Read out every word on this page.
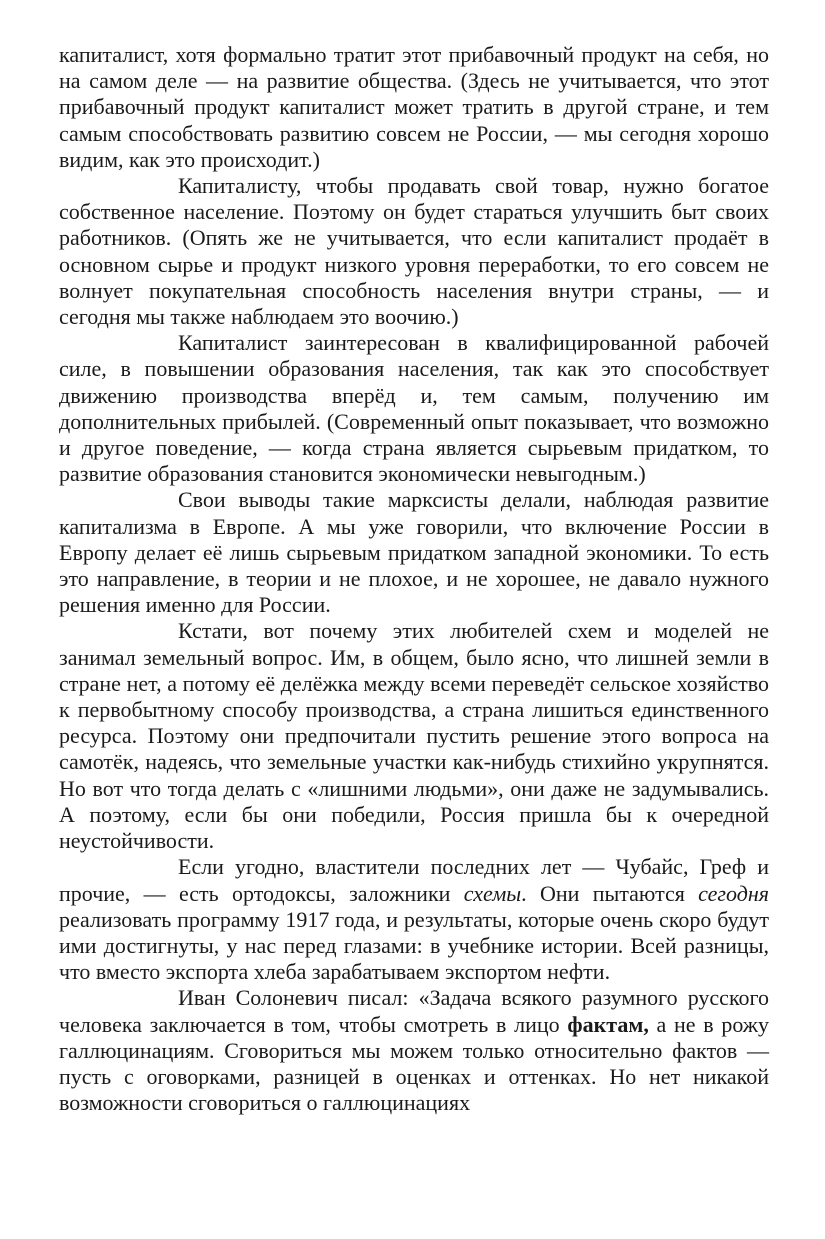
капиталист, хотя формально тратит этот прибавочный продукт на себя, но на самом деле — на развитие общества. (Здесь не учитывается, что этот прибавочный продукт капиталист может тратить в другой стране, и тем самым способствовать развитию совсем не России, — мы сегодня хорошо видим, как это происходит.)

Капиталисту, чтобы продавать свой товар, нужно богатое собственное население. Поэтому он будет стараться улучшить быт своих работников. (Опять же не учитывается, что если капиталист продаёт в основном сырье и продукт низкого уровня переработки, то его совсем не волнует покупательная способность населения внутри страны, — и сегодня мы также наблюдаем это воочию.)

Капиталист заинтересован в квалифицированной рабочей силе, в повышении образования населения, так как это способствует движению производства вперёд и, тем самым, получению им дополнительных прибылей. (Современный опыт показывает, что возможно и другое поведение, — когда страна является сырьевым придатком, то развитие образования становится экономически невыгодным.)

Свои выводы такие марксисты делали, наблюдая развитие капитализма в Европе. А мы уже говорили, что включение России в Европу делает её лишь сырьевым придатком западной экономики. То есть это направление, в теории и не плохое, и не хорошее, не давало нужного решения именно для России.

Кстати, вот почему этих любителей схем и моделей не занимал земельный вопрос. Им, в общем, было ясно, что лишней земли в стране нет, а потому её делёжка между всеми переведёт сельское хозяйство к первобытному способу производства, а страна лишиться единственного ресурса. Поэтому они предпочитали пустить решение этого вопроса на самотёк, надеясь, что земельные участки как-нибудь стихийно укрупнятся. Но вот что тогда делать с «лишними людьми», они даже не задумывались. А поэтому, если бы они победили, Россия пришла бы к очередной неустойчивости.

Если угодно, властители последних лет — Чубайс, Греф и прочие, — есть ортодоксы, заложники схемы. Они пытаются сегодня реализовать программу 1917 года, и результаты, которые очень скоро будут ими достигнуты, у нас перед глазами: в учебнике истории. Всей разницы, что вместо экспорта хлеба зарабатываем экспортом нефти.

Иван Солоневич писал: «Задача всякого разумного русского человека заключается в том, чтобы смотреть в лицо фактам, а не в рожу галлюцинациям. Сговориться мы можем только относительно фактов — пусть с оговорками, разницей в оценках и оттенках. Но нет никакой возможности сговориться о галлюцинациях
